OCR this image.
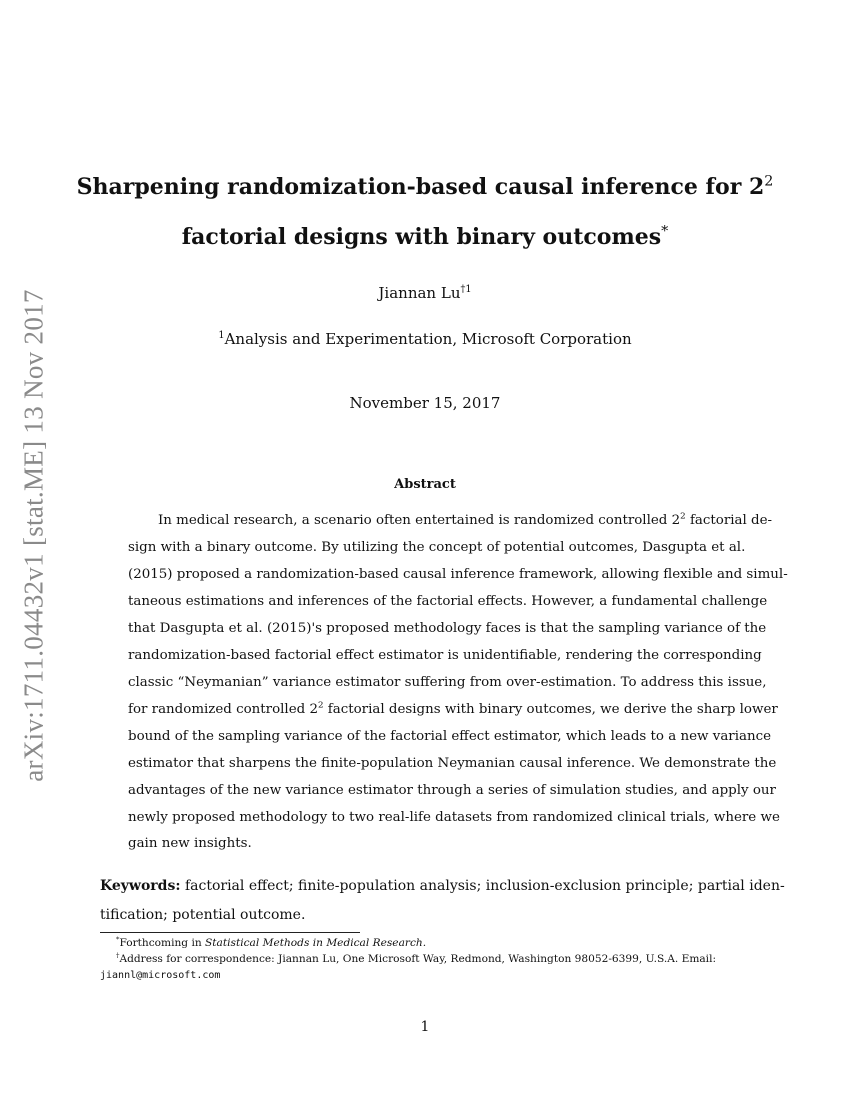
arXiv:1711.04432v1 [stat.ME] 13 Nov 2017
Sharpening randomization-based causal inference for $2^2$
factorial designs with binary outcomes*
Jiannan Lu$^{\dagger 1}$
$^1$Analysis and Experimentation, Microsoft Corporation
November 15, 2017
Abstract
In medical research, a scenario often entertained is randomized controlled $2^2$ factorial de-
sign with a binary outcome. By utilizing the concept of potential outcomes, Dasgupta et al.
(2015) proposed a randomization-based causal inference framework, allowing flexible and simul-
taneous estimations and inferences of the factorial effects. However, a fundamental challenge
that Dasgupta et al. (2015)'s proposed methodology faces is that the sampling variance of the
randomization-based factorial effect estimator is unidentifiable, rendering the corresponding
classic “Neymanian” variance estimator suffering from over-estimation. To address this issue,
for randomized controlled $2^2$ factorial designs with binary outcomes, we derive the sharp lower
bound of the sampling variance of the factorial effect estimator, which leads to a new variance
estimator that sharpens the finite-population Neymanian causal inference. We demonstrate the
advantages of the new variance estimator through a series of simulation studies, and apply our
newly proposed methodology to two real-life datasets from randomized clinical trials, where we
gain new insights.
Keywords: factorial effect; finite-population analysis; inclusion-exclusion principle; partial iden-
tification; potential outcome.
*Forthcoming in Statistical Methods in Medical Research.
†Address for correspondence: Jiannan Lu, One Microsoft Way, Redmond, Washington 98052-6399, U.S.A. Email:
jiannl@microsoft.com
1
